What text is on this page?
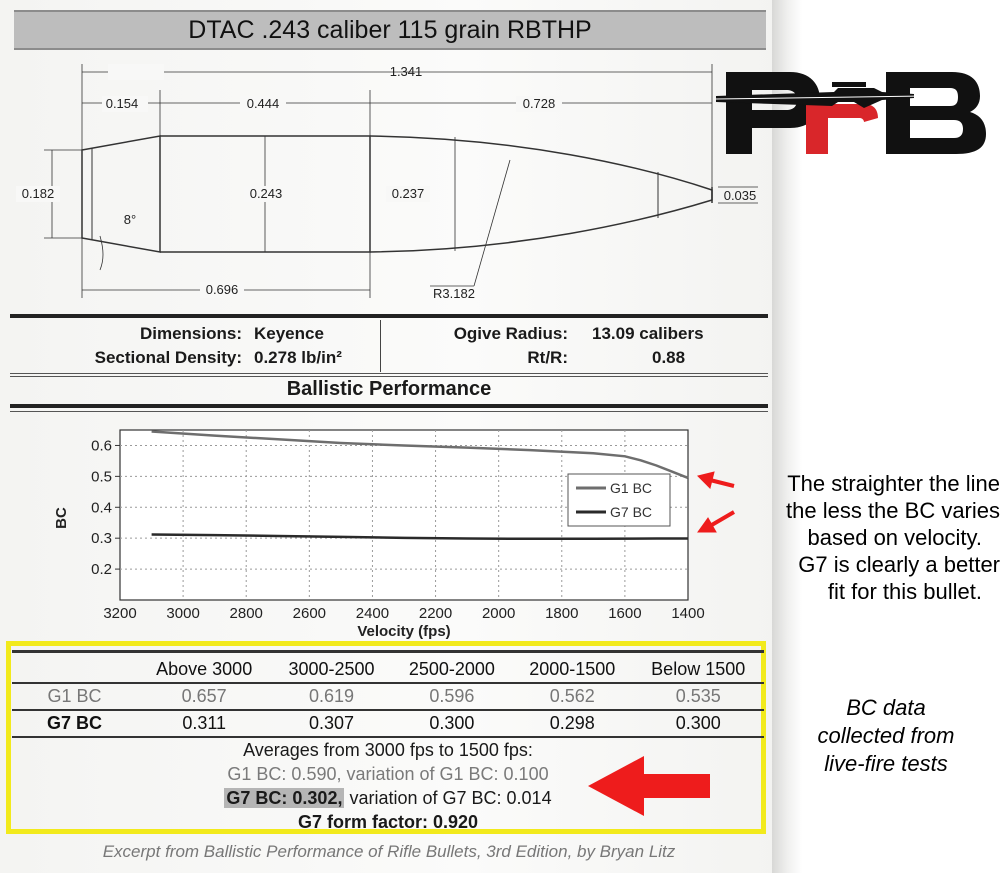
DTAC .243 caliber 115 grain RBTHP
1.341
0.154	0.444	0.728
0.182	0.243	0.237	0.035
8°
0.696	R3.182
Dimensions: Keyence
Sectional Density: 0.278 lb/in²
Ogive Radius:	13.09 calibers
Rt/R:	0.88
Ballistic Performance
3200 3000 2800 2600 2400 2200 2000 1800 1600 1400
0.2
0.3
0.4
0.5
0.6
BC
Velocity (fps)
G1 BC
G7 BC
The straighter the line
the less the BC varies
based on velocity.
G7 is clearly a better
fit for this bullet.
	Above 3000	3000-2500	2500-2000	2000-1500	Below 1500
G1 BC	0.657	0.619	0.596	0.562	0.535
G7 BC	0.311	0.307	0.300	0.298	0.300
Averages from 3000 fps to 1500 fps:
G1 BC: 0.590, variation of G1 BC: 0.100
G7 BC: 0.302, variation of G7 BC: 0.014
G7 form factor: 0.920
BC data
collected from
live-fire tests
Excerpt from Ballistic Performance of Rifle Bullets, 3rd Edition, by Bryan Litz
